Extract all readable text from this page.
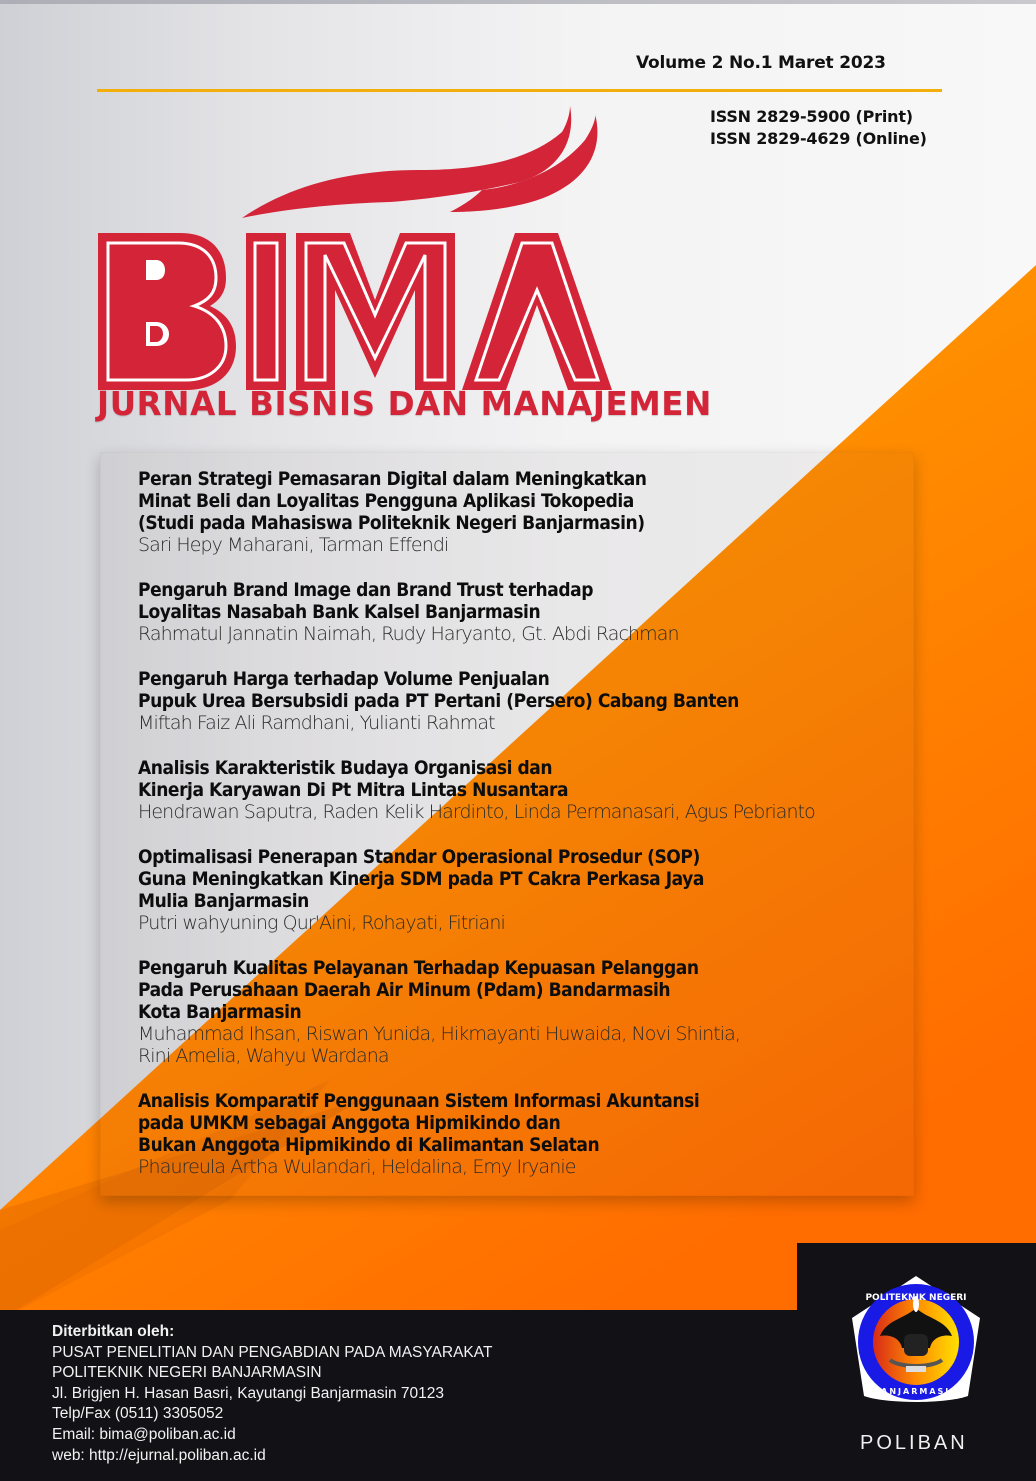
Volume 2 No.1 Maret 2023
ISSN 2829-5900 (Print)
ISSN 2829-4629 (Online)
JURNAL BISNIS DAN MANAJEMEN
Peran Strategi Pemasaran Digital dalam Meningkatkan
Minat Beli dan Loyalitas Pengguna Aplikasi Tokopedia
(Studi pada Mahasiswa Politeknik Negeri Banjarmasin)
Sari Hepy Maharani, Tarman Effendi
Pengaruh Brand Image dan Brand Trust terhadap
Loyalitas Nasabah Bank Kalsel Banjarmasin
Rahmatul Jannatin Naimah, Rudy Haryanto, Gt. Abdi Rachman
Pengaruh Harga terhadap Volume Penjualan
Pupuk Urea Bersubsidi pada PT Pertani (Persero) Cabang Banten
Miftah Faiz Ali Ramdhani, Yulianti Rahmat
Analisis Karakteristik Budaya Organisasi dan
Kinerja Karyawan Di Pt Mitra Lintas Nusantara
Hendrawan Saputra, Raden Kelik Hardinto, Linda Permanasari, Agus Pebrianto
Optimalisasi Penerapan Standar Operasional Prosedur (SOP)
Guna Meningkatkan Kinerja SDM pada PT Cakra Perkasa Jaya
Mulia Banjarmasin
Putri wahyuning Qur'Aini, Rohayati, Fitriani
Pengaruh Kualitas Pelayanan Terhadap Kepuasan Pelanggan
Pada Perusahaan Daerah Air Minum (Pdam) Bandarmasih
Kota Banjarmasin
Muhammad Ihsan, Riswan Yunida, Hikmayanti Huwaida, Novi Shintia,
Rini Amelia, Wahyu Wardana
Analisis Komparatif Penggunaan Sistem Informasi Akuntansi
pada UMKM sebagai Anggota Hipmikindo dan
Bukan Anggota Hipmikindo di Kalimantan Selatan
Phaureula Artha Wulandari, Heldalina, Emy Iryanie
Diterbitkan oleh:
PUSAT PENELITIAN DAN PENGABDIAN PADA MASYARAKAT
POLITEKNIK NEGERI BANJARMASIN
Jl. Brigjen H. Hasan Basri, Kayutangi Banjarmasin 70123
Telp/Fax (0511) 3305052
Email: bima@poliban.ac.id
web: http://ejurnal.poliban.ac.id
POLITEKNIK NEGERI
BANJARMASIN
POLIBAN
